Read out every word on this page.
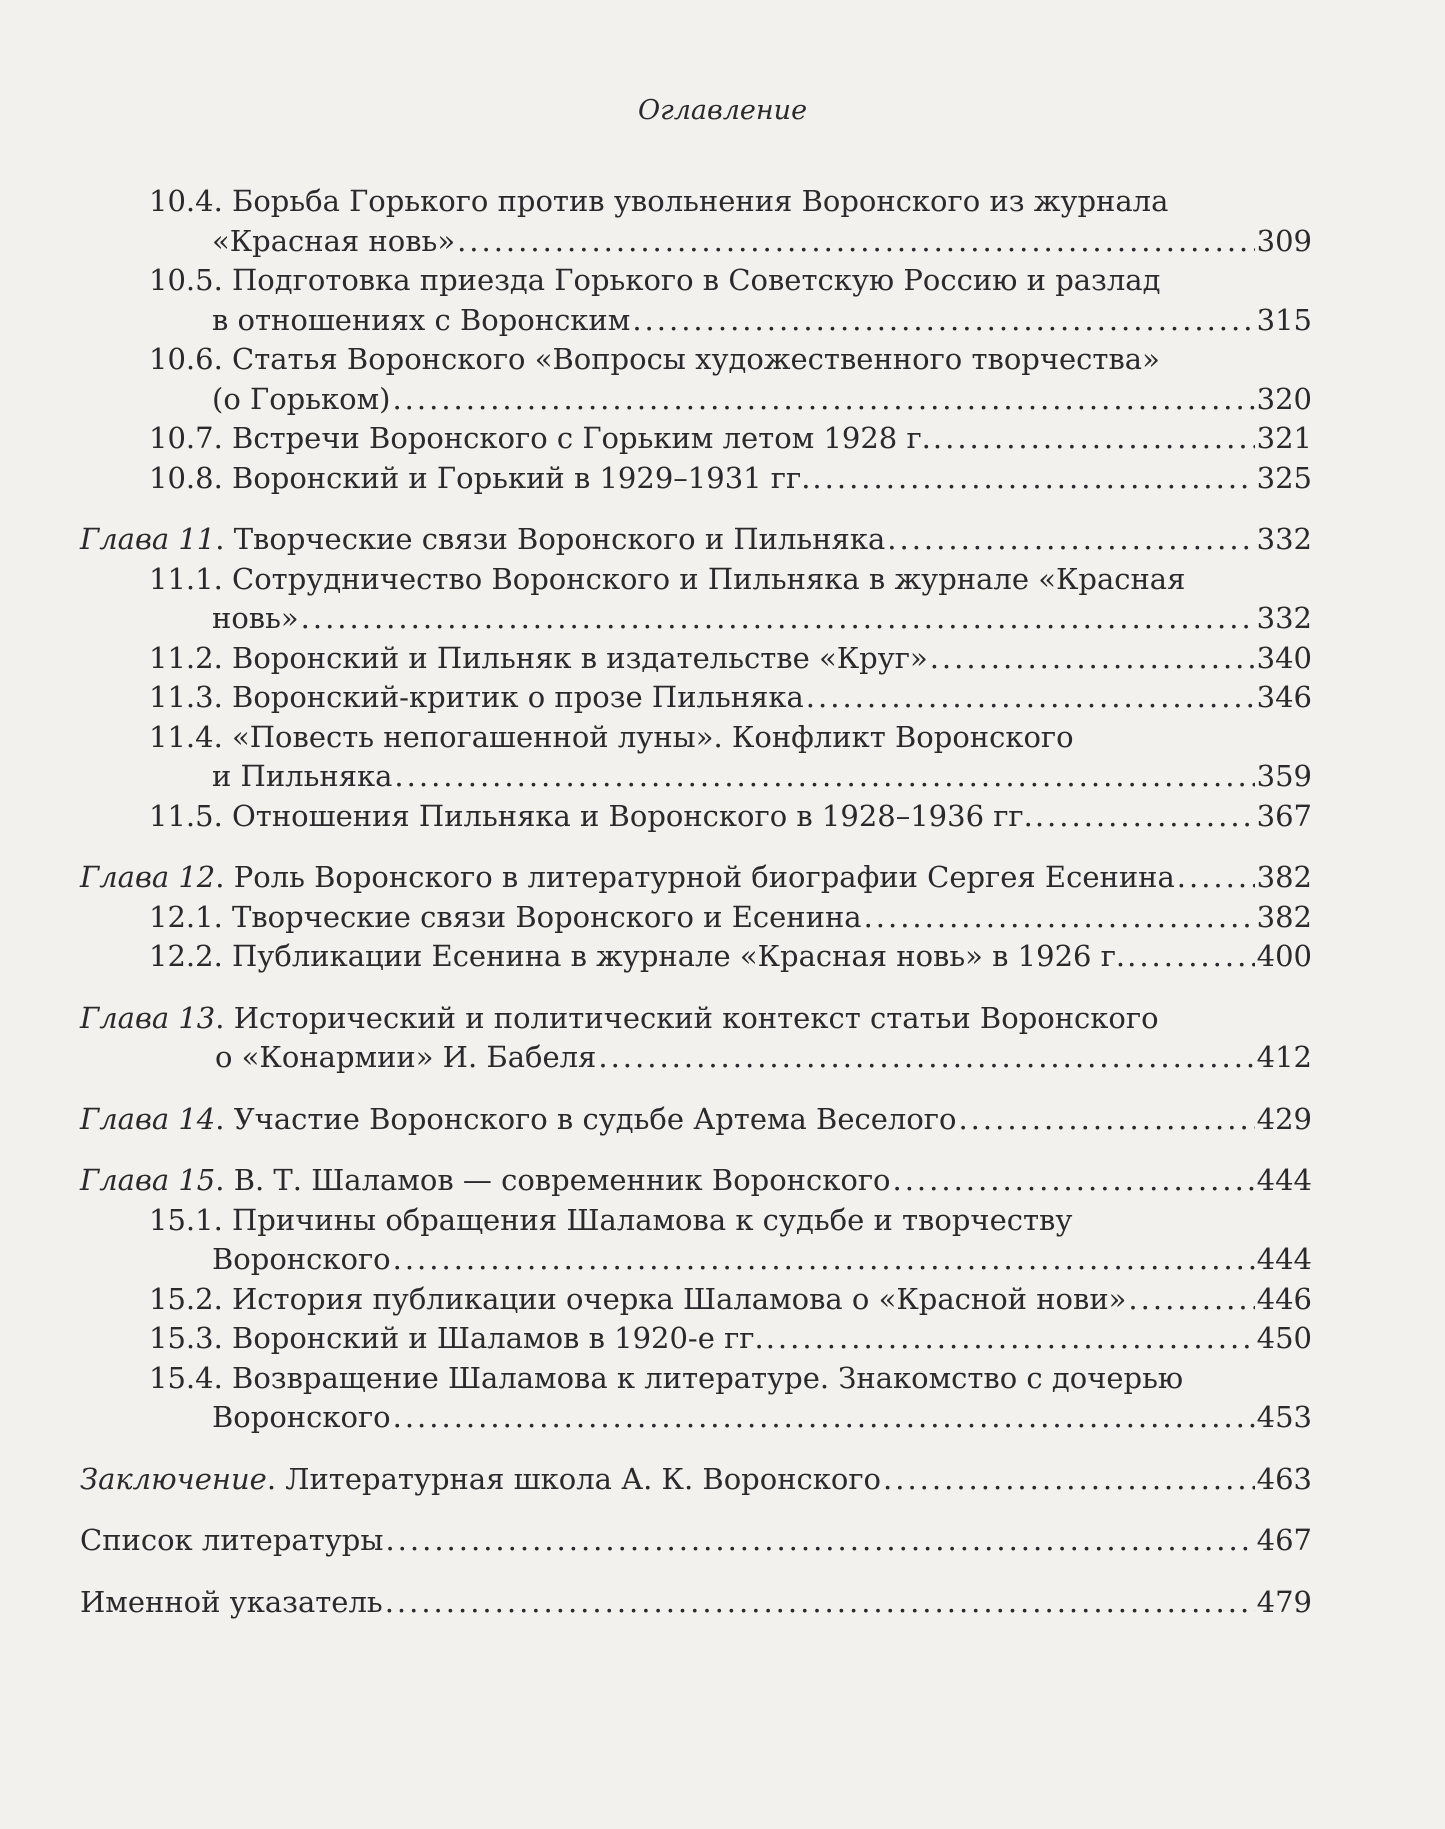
Оглавление
10.4. Борьба Горького против увольнения Воронского из журнала
«Красная новь» .....	309
10.5. Подготовка приезда Горького в Советскую Россию и разлад
в отношениях с Воронским .....	315
10.6. Статья Воронского «Вопросы художественного творчества»
(о Горьком) .....	320
10.7. Встречи Воронского с Горьким летом 1928 г. .....	321
10.8. Воронский и Горький в 1929–1931 гг. .....	325
Глава 11. Творческие связи Воронского и Пильняка .....	332
11.1. Сотрудничество Воронского и Пильняка в журнале «Красная
новь» .....	332
11.2. Воронский и Пильняк в издательстве «Круг» .....	340
11.3. Воронский-критик о прозе Пильняка .....	346
11.4. «Повесть непогашенной луны». Конфликт Воронского
и Пильняка .....	359
11.5. Отношения Пильняка и Воронского в 1928–1936 гг. .....	367
Глава 12. Роль Воронского в литературной биографии Сергея Есенина .....	382
12.1. Творческие связи Воронского и Есенина .....	382
12.2. Публикации Есенина в журнале «Красная новь» в 1926 г. .....	400
Глава 13. Исторический и политический контекст статьи Воронского
о «Конармии» И. Бабеля .....	412
Глава 14. Участие Воронского в судьбе Артема Веселого .....	429
Глава 15. В. Т. Шаламов — современник Воронского .....	444
15.1. Причины обращения Шаламова к судьбе и творчеству
Воронского .....	444
15.2. История публикации очерка Шаламова о «Красной нови» .....	446
15.3. Воронский и Шаламов в 1920-е гг. .....	450
15.4. Возвращение Шаламова к литературе. Знакомство с дочерью
Воронского .....	453
Заключение. Литературная школа А. К. Воронского .....	463
Список литературы .....	467
Именной указатель .....	479
